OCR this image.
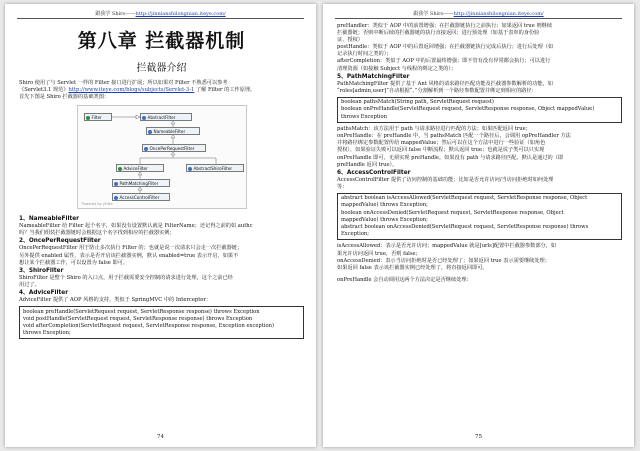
跟我学 Shiro——http://jinnianshilongnian.iteye.com/
第八章 拦截器机制
拦截器介绍

Shiro 使用了与 Servlet 一样的 Filter 接口进行扩展；所以如果对 Filter 不熟悉可以参考
《Servlet3.1 规范》http://www.iteye.com/blogs/subjects/Servlet-3-1 了解 Filter 的工作原理。
首先下图是 Shiro 拦截器的基础类图：

Filter	AbstractFilter
NameableFilter
OncePerRequestFilter
AdviceFilter	AbstractShiroFilter
PathMatchingFilter
AccessControlFilter
Powered by yFiles
1、NameableFilter

NameableFilter 给 Filter 起个名字，如果没有设置默认就是 FilterName；还记得之前的如 authc
吗？当我们组装拦截器链时会根据这个名字找到相应的拦截器实例；

2、OncePerRequestFilter

OncePerRequestFilter 用于防止多次执行 Filter 的；也就是说一次请求只会走一次拦截器链；
另外提供 enabled 属性，表示是否开启该拦截器实例，默认 enabled=true 表示开启，如果不
想让某个拦截器工作，可以设置为 false 即可。

3、ShiroFilter

ShiroFilter 是整个 Shiro 的入口点，用于拦截需要安全控制的请求进行处理，这个之前已经
用过了。

4、AdviceFilter

AdviceFilter 提供了 AOP 风格的支持，类似于 SpringMVC 中的 Interceptor：

boolean preHandle(ServletRequest request, ServletResponse response) throws Exception
void postHandle(ServletRequest request, ServletResponse response) throws Exception
void afterCompletion(ServletRequest request, ServletResponse response, Exception exception)
throws Exception;
74
跟我学 Shiro——http://jinnianshilongnian.iteye.com/

preHandler：类似于 AOP 中的前置增强；在拦截器链执行之前执行；如果返回 true 则继续
拦截器链；否则中断后续的拦截器链的执行直接返回；进行预处理（如基于表单的身份验
证、授权）
postHandle：类似于 AOP 中的后置返回增强；在拦截器链执行完成后执行；进行后处理（如
记录执行时间之类的）；
afterCompletion：类似于 AOP 中的后置最终增强；即不管有没有异常都会执行；可以进行
清理资源（如接触 Subject 与线程的绑定之类的）；

5、PathMatchingFilter

PathMatchingFilter 提供了基于 Ant 风格的请求路径匹配功能及拦截器参数解析的功能，如
“roles[admin,user]”自动根据“，”分割解析到一个路径参数配置并绑定到相应的路径：

boolean pathsMatch(String path, ServletRequest request)
boolean onPreHandle(ServletRequest request, ServletResponse response, Object mappedValue)
throws Exception

pathsMatch：该方法用于 path 与请求路径进行匹配的方法；如果匹配返回 true；
onPreHandle：在 preHandle 中，当 pathsMatch 匹配一个路径后，会调用 opPreHandler 方法
并将路径绑定参数配置传给 mappedValue；然后可以在这个方法中进行一些验证（如角色
授权），如果验证失败可以返回 false 中断流程；默认返回 true；也就是说子类可以只实现
onPreHandle 即可，无须实现 preHandle。如果没有 path 与请求路径匹配，默认是通过的（即
preHandle 返回 true）。

6、AccessControlFilter

AccessControlFilter 提供了访问控制的基础功能；比如是否允许访问/当访问拒绝时如何处理
等：

abstract boolean isAccessAllowed(ServletRequest request, ServletResponse response, Object
mappedValue) throws Exception;
boolean onAccessDenied(ServletRequest request, ServletResponse response, Object
mappedValue) throws Exception;
abstract boolean onAccessDenied(ServletRequest request, ServletResponse response) throws
Exception;

isAccessAllowed：表示是否允许访问；mappedValue 就是[urls]配置中拦截器参数部分，如
果允许访问返回 true，否则 false；
onAccessDenied：表示当访问拒绝时是否已经处理了；如果返回 true 表示需要继续处理；
如果返回 false 表示该拦截器实例已经处理了，将直接返回即可。

onPreHandle 会自动调用这两个方法决定是否继续处理：

75
